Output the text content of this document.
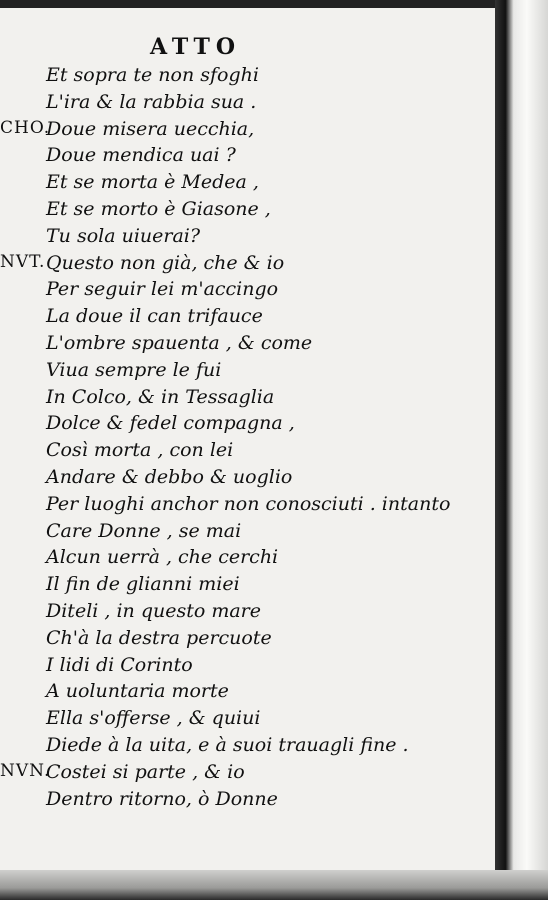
ATTO
Et sopra te non sfoghi
L'ira & la rabbia sua .
CHO.
Doue misera uecchia,
Doue mendica uai ?
Et se morta è Medea ,
Et se morto è Giasone ,
Tu sola uiuerai?
NVT. Questo non già, che & io
Per seguir lei m'accingo
La doue il can trifauce
L'ombre spauenta , & come
Viua sempre le fui
In Colco, & in Tessaglia
Dolce & fedel compagna ,
Così morta , con lei
Andare & debbo & uoglio
Per luoghi anchor non conosciuti . intanto
Care Donne , se mai
Alcun uerrà , che cerchi
Il fin de glianni miei
Diteli , in questo mare
Ch'à la destra percuote
I lidi di Corinto
A uoluntaria morte
Ella s'offerse , & quiui
Diede à la uita, e à suoi trauagli fine .
NVN.
Costei si parte , & io
Dentro ritorno, ò Donne
